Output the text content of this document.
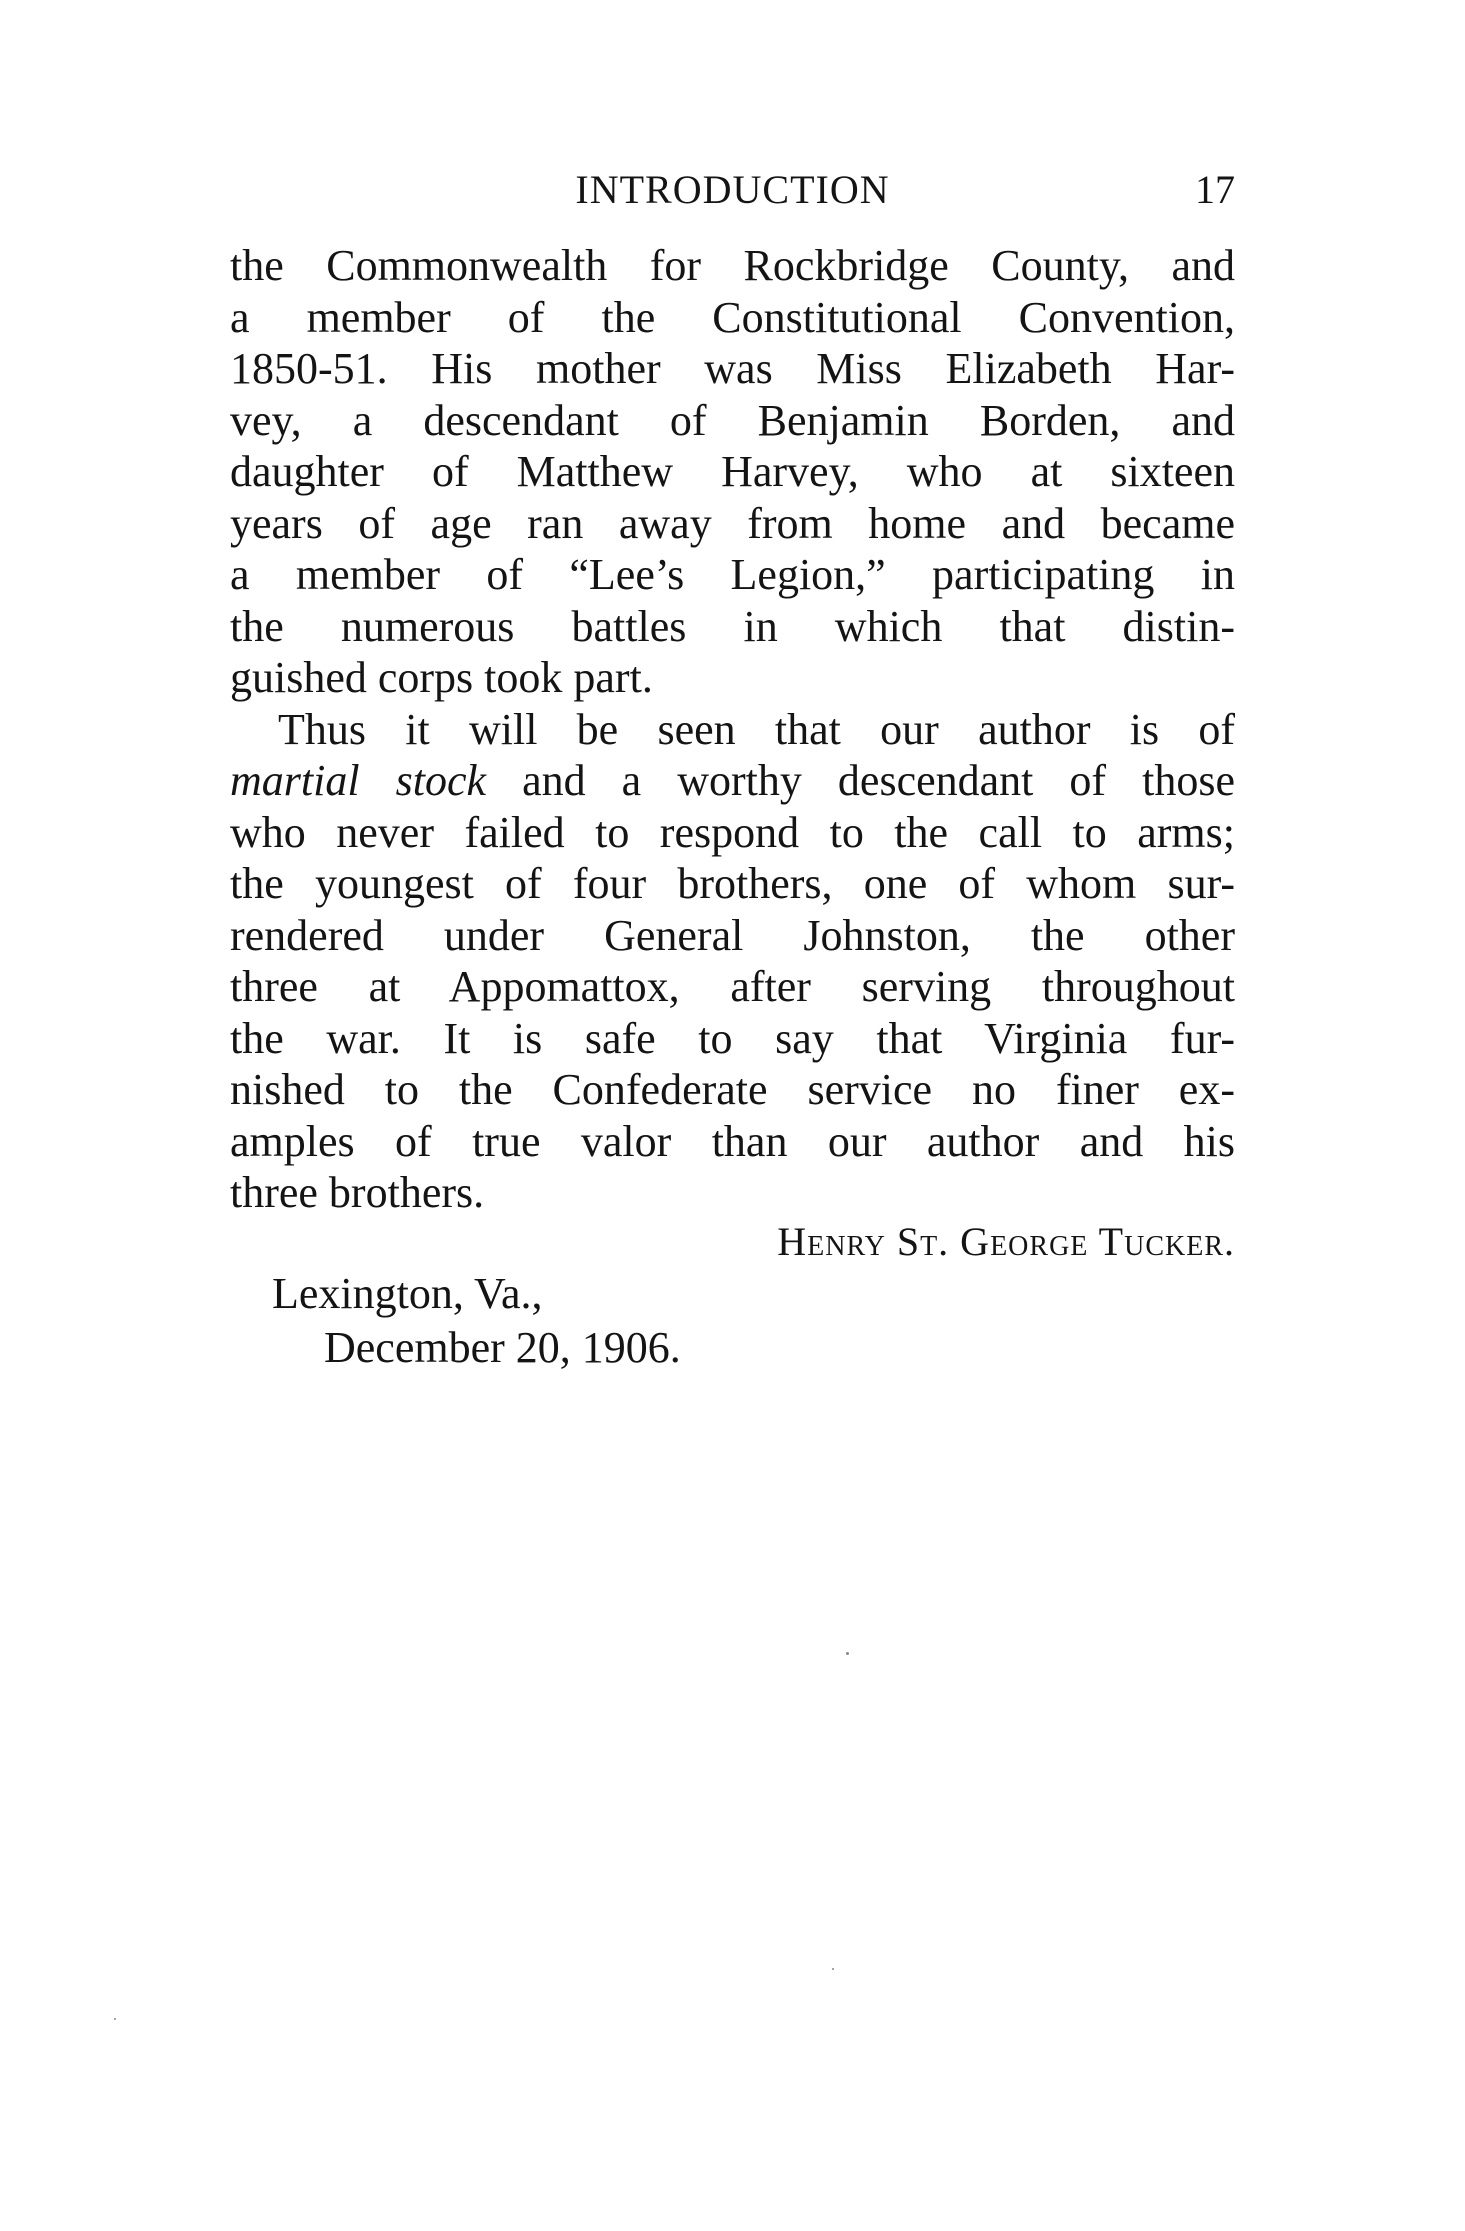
INTRODUCTION	17
the Commonwealth for Rockbridge County, and
a member of the Constitutional Convention,
1850-51. His mother was Miss Elizabeth Har-
vey, a descendant of Benjamin Borden, and
daughter of Matthew Harvey, who at sixteen
years of age ran away from home and became
a member of “Lee’s Legion,” participating in
the numerous battles in which that distin-
guished corps took part.
Thus it will be seen that our author is of
martial stock and a worthy descendant of those
who never failed to respond to the call to arms;
the youngest of four brothers, one of whom sur-
rendered under General Johnston, the other
three at Appomattox, after serving throughout
the war. It is safe to say that Virginia fur-
nished to the Confederate service no finer ex-
amples of true valor than our author and his
three brothers.
Henry St. George Tucker.
Lexington, Va.,
December 20, 1906.
